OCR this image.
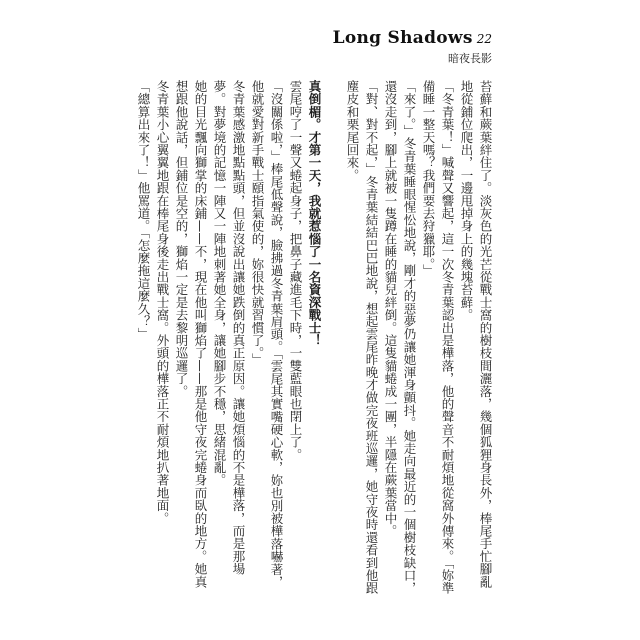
Long Shadows 22
暗夜長影

苔蘚和蕨葉絆住了。淡灰色的光芒從戰士窩的樹枝間灑落，幾個狐狸身長外，棒尾手忙腳亂地從鋪位爬出，一邊甩掉身上的幾塊苔蘚。

「冬青葉！」喊聲又響起，這一次冬青葉認出是樺落，他的聲音不耐煩地從窩外傳來。「妳準備睡一整天嗎？我們要去狩獵耶。」

「來了。」冬青葉睡眼惺忪地說，剛才的惡夢仍讓她渾身顫抖。她走向最近的一個樹枝缺口，還沒走到，腳上就被一隻蹲在睡的貓兒絆倒。這隻貓蜷成一團，半隱在蕨葉當中。

「對、對不起，」冬青葉結結巴巴地說，想起雲尾昨晚才做完夜班巡邏，她守夜時還看到他跟塵皮和栗尾回來。

真倒楣。才第一天，我就惹惱了一名資深戰士！

雲尾哼了一聲又蜷起身子，把鼻子藏進毛下時，一雙藍眼也閉上了。

「沒關係啦，」棒尾低聲說，臉拂過冬青葉肩頭。「雲尾其實嘴硬心軟，妳也別被樺落嚇著，他就愛對新手戰士頤指氣使的，妳很快就習慣了。」

冬青葉感激地點點頭，但並沒說出讓她跌倒的真正原因。讓她煩惱的不是樺落，而是那場夢。對夢境的記憶一陣又一陣地刺著她全身，讓她腳步不穩，思緒混亂。

她的目光飄向獅掌的床鋪——不，現在他叫獅焰了——那是他守夜完蜷身而臥的地方。她真想跟他說話，但鋪位是空的，獅焰一定是去黎明巡邏了。

冬青葉小心翼翼地跟在棒尾身後走出戰士窩。外頭的樺落正不耐煩地扒著地面。

「總算出來了！」他罵道。「怎麼拖這麼久？」
